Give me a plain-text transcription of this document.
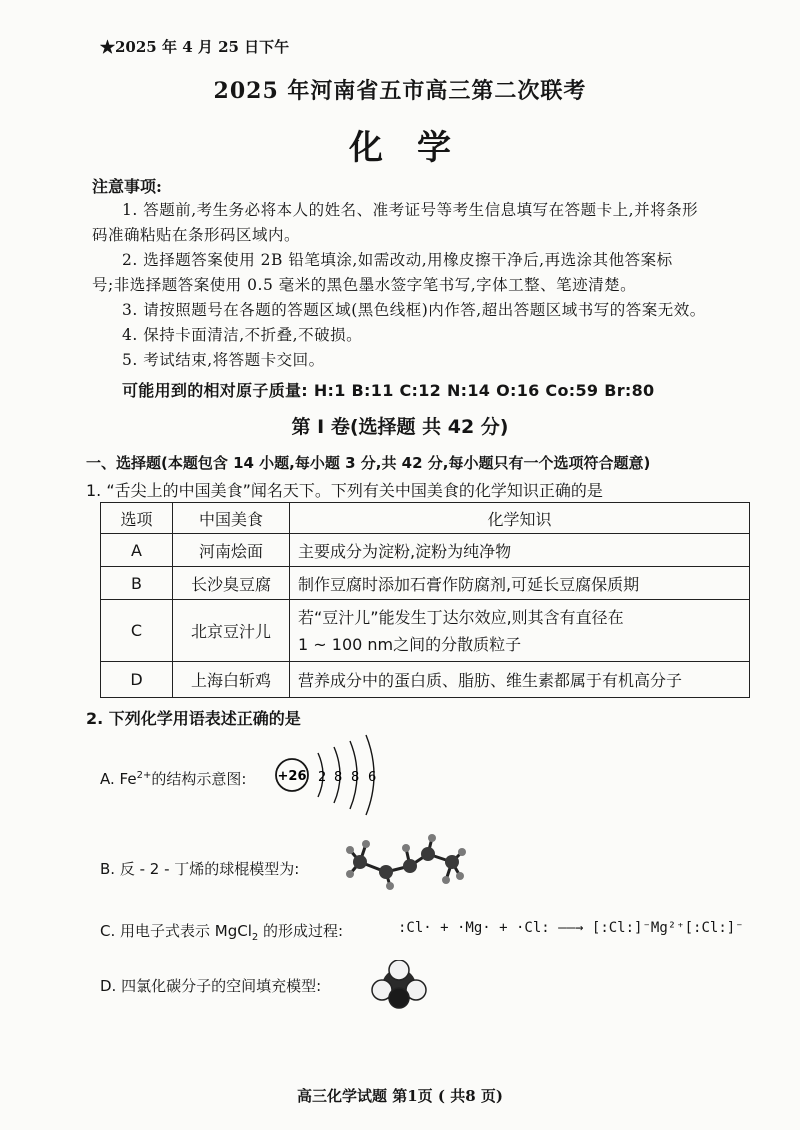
★2025 年 4 月 25 日下午
2025 年河南省五市高三第二次联考
化学
注意事项:
1. 答题前,考生务必将本人的姓名、准考证号等考生信息填写在答题卡上,并将条形
码准确粘贴在条形码区域内。
2. 选择题答案使用 2B 铅笔填涂,如需改动,用橡皮擦干净后,再选涂其他答案标
号;非选择题答案使用 0.5 毫米的黑色墨水签字笔书写,字体工整、笔迹清楚。
3. 请按照题号在各题的答题区域(黑色线框)内作答,超出答题区域书写的答案无效。
4. 保持卡面清洁,不折叠,不破损。
5. 考试结束,将答题卡交回。
可能用到的相对原子质量: H:1 B:11 C:12 N:14 O:16 Co:59 Br:80
第 I 卷(选择题 共 42 分)
一、选择题(本题包含 14 小题,每小题 3 分,共 42 分,每小题只有一个选项符合题意)
1. “舌尖上的中国美食”闻名天下。下列有关中国美食的化学知识正确的是
选项	中国美食	化学知识
A	河南烩面	主要成分为淀粉,淀粉为纯净物
B	长沙臭豆腐	制作豆腐时添加石膏作防腐剂,可延长豆腐保质期
C	北京豆汁儿	若“豆汁儿”能发生丁达尔效应,则其含有直径在
1 ~ 100 nm之间的分散质粒子

D	上海白斩鸡	营养成分中的蛋白质、脂肪、维生素都属于有机高分子
2. 下列化学用语表述正确的是
A. $Fe^{2+}$的结构示意图: +26 2 8 8 6
B. 反 - 2 - 丁烯的球棍模型为:
C. 用电子式表示 MgCl$_2$ 的形成过程:	:Cl· + ·Mg· + ·Cl: ——→ [:Cl:]⁻Mg²⁺[:Cl:]⁻
D. 四氯化碳分子的空间填充模型:
高三化学试题 第1页 ( 共8 页)
